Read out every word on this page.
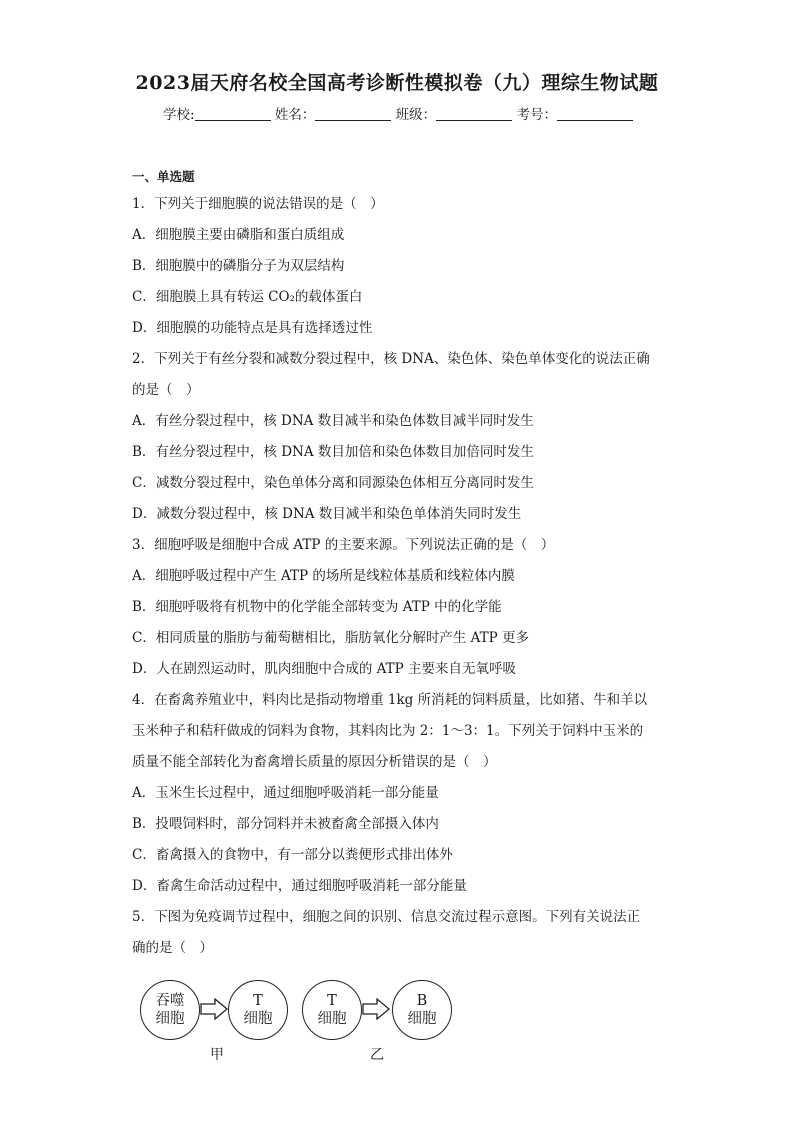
2023届天府名校全国高考诊断性模拟卷（九）理综生物试题
学校:	姓名：	班级：	考号：
一、单选题
1．下列关于细胞膜的说法错误的是（　）
A．细胞膜主要由磷脂和蛋白质组成
B．细胞膜中的磷脂分子为双层结构
C．细胞膜上具有转运 CO₂的载体蛋白
D．细胞膜的功能特点是具有选择透过性
2．下列关于有丝分裂和减数分裂过程中，核 DNA、染色体、染色单体变化的说法正确
的是（　）
A．有丝分裂过程中，核 DNA 数目减半和染色体数目减半同时发生
B．有丝分裂过程中，核 DNA 数目加倍和染色体数目加倍同时发生
C．减数分裂过程中，染色单体分离和同源染色体相互分离同时发生
D．减数分裂过程中，核 DNA 数目减半和染色单体消失同时发生
3．细胞呼吸是细胞中合成 ATP 的主要来源。下列说法正确的是（　）
A．细胞呼吸过程中产生 ATP 的场所是线粒体基质和线粒体内膜
B．细胞呼吸将有机物中的化学能全部转变为 ATP 中的化学能
C．相同质量的脂肪与葡萄糖相比，脂肪氧化分解时产生 ATP 更多
D．人在剧烈运动时，肌肉细胞中合成的 ATP 主要来自无氧呼吸
4．在畜禽养殖业中，料肉比是指动物增重 1kg 所消耗的饲料质量，比如猪、牛和羊以
玉米种子和秸秆做成的饲料为食物，其料肉比为 2：1～3：1。下列关于饲料中玉米的
质量不能全部转化为畜禽增长质量的原因分析错误的是（　）
A．玉米生长过程中，通过细胞呼吸消耗一部分能量
B．投喂饲料时，部分饲料并未被畜禽全部摄入体内
C．畜禽摄入的食物中，有一部分以粪便形式排出体外
D．畜禽生命活动过程中，通过细胞呼吸消耗一部分能量
5．下图为免疫调节过程中，细胞之间的识别、信息交流过程示意图。下列有关说法正
确的是（　）
吞噬
细胞
T
细胞
T
细胞
B
细胞
甲	乙
